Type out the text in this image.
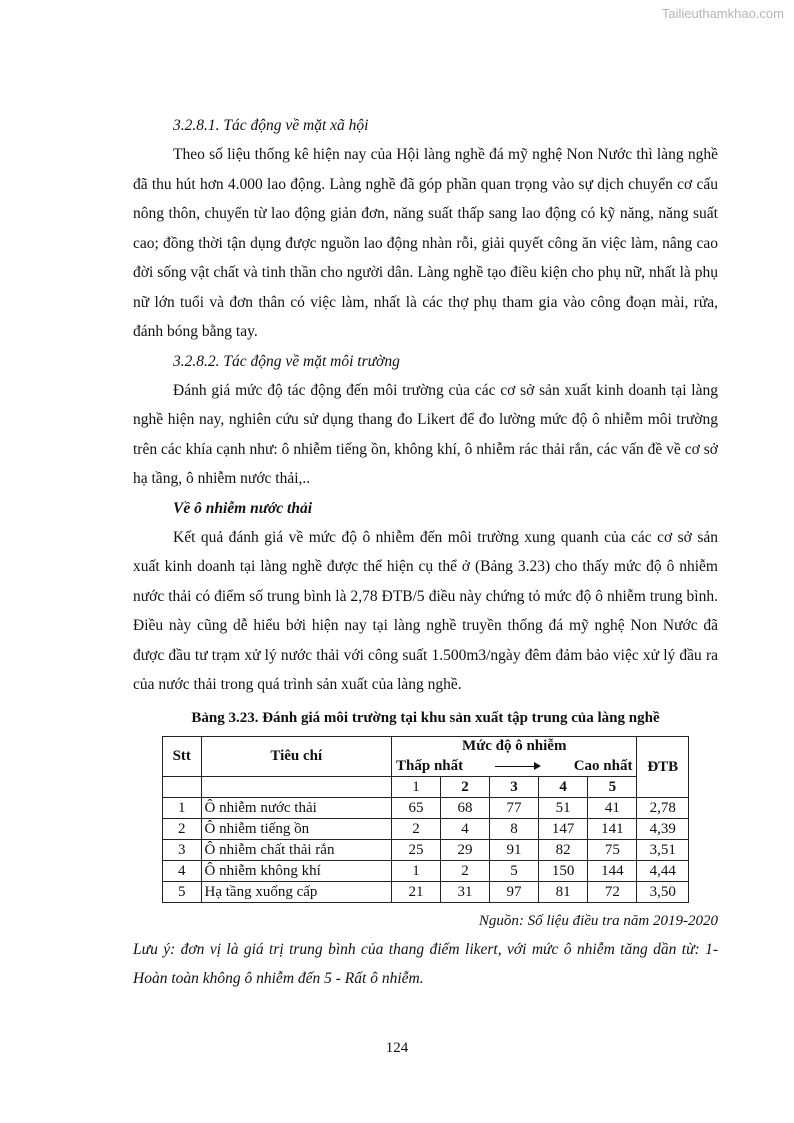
Tailieuthamkhao.com
3.2.8.1. Tác động về mặt xã hội

Theo số liệu thống kê hiện nay của Hội làng nghề đá mỹ nghệ Non Nước thì làng nghề đã thu hút hơn 4.000 lao động. Làng nghề đã góp phần quan trọng vào sự dịch chuyển cơ cấu nông thôn, chuyển từ lao động giản đơn, năng suất thấp sang lao động có kỹ năng, năng suất cao; đồng thời tận dụng được nguồn lao động nhàn rỗi, giải quyết công ăn việc làm, nâng cao đời sống vật chất và tinh thần cho người dân. Làng nghề tạo điều kiện cho phụ nữ, nhất là phụ nữ lớn tuổi và đơn thân có việc làm, nhất là các thợ phụ tham gia vào công đoạn mài, rửa, đánh bóng bằng tay.

3.2.8.2. Tác động về mặt môi trường

Đánh giá mức độ tác động đến môi trường của các cơ sở sản xuất kinh doanh tại làng nghề hiện nay, nghiên cứu sử dụng thang đo Likert để đo lường mức độ ô nhiễm môi trường trên các khía cạnh như: ô nhiễm tiếng ồn, không khí, ô nhiễm rác thải rắn, các vấn đề về cơ sở hạ tầng, ô nhiễm nước thải,..

Về ô nhiễm nước thải

Kết quả đánh giá về mức độ ô nhiễm đến môi trường xung quanh của các cơ sở sản xuất kinh doanh tại làng nghề được thể hiện cụ thể ở (Bảng 3.23) cho thấy mức độ ô nhiễm nước thải có điểm số trung bình là 2,78 ĐTB/5 điều này chứng tỏ mức độ ô nhiễm trung bình. Điều này cũng dễ hiểu bởi hiện nay tại làng nghề truyền thống đá mỹ nghệ Non Nước đã được đầu tư trạm xử lý nước thải với công suất 1.500m3/ngày đêm đảm bảo việc xử lý đầu ra của nước thải trong quá trình sản xuất của làng nghề.

Bảng 3.23. Đánh giá môi trường tại khu sản xuất tập trung của làng nghề
Stt	Tiêu chí	Mức độ ô nhiễm					ĐTB

		Thấp nhất Cao nhất					

		1	2	3	4	5	
1	Ô nhiễm nước thải	65	68	77	51	41	2,78
2	Ô nhiễm tiếng ồn	2	4	8	147	141	4,39
3	Ô nhiễm chất thải rắn	25	29	91	82	75	3,51
4	Ô nhiễm không khí	1	2	5	150	144	4,44
5	Hạ tầng xuống cấp	21	31	97	81	72	3,50
Nguồn: Số liệu điều tra năm 2019-2020
Lưu ý: đơn vị là giá trị trung bình của thang điểm likert, với mức ô nhiễm tăng dần từ: 1- Hoàn toàn không ô nhiễm đến 5 - Rất ô nhiễm.
124
